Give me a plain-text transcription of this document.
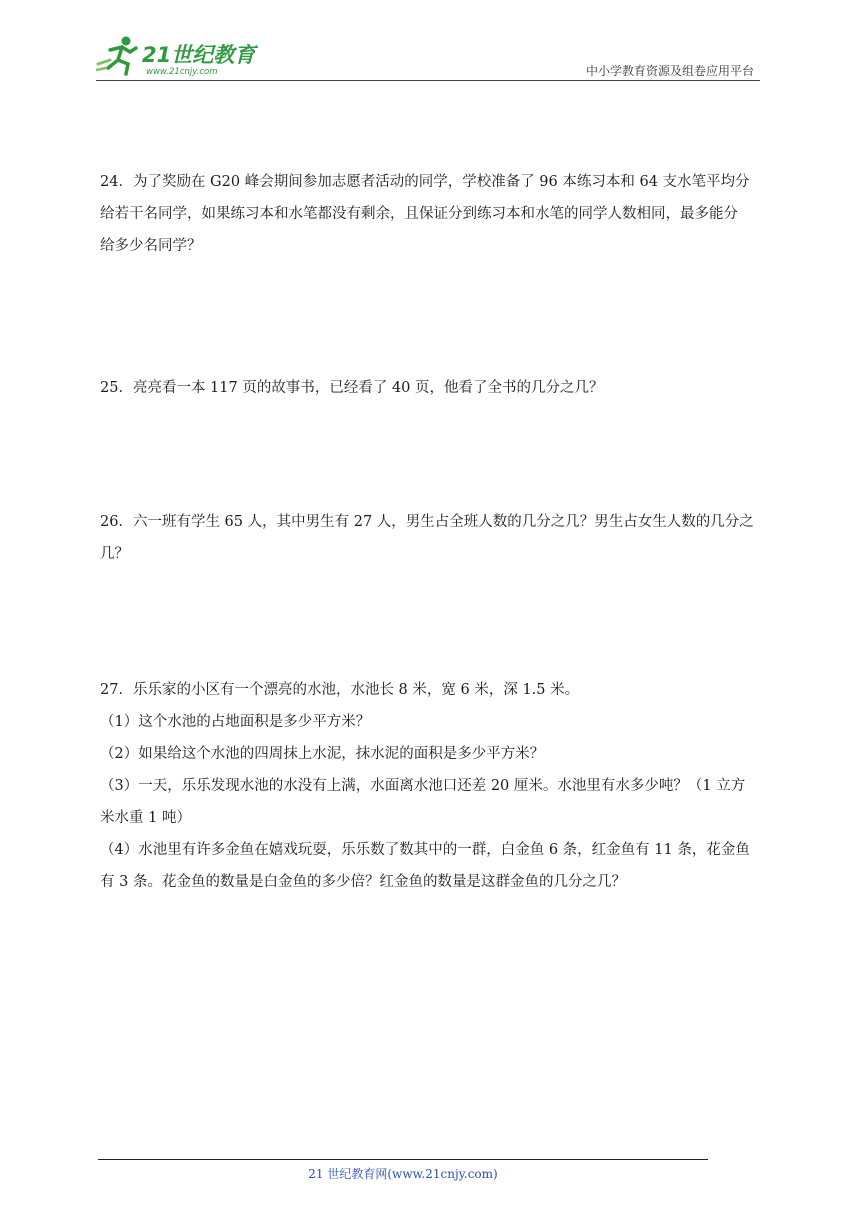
21世纪教育
www.21cnjy.com	中小学教育资源及组卷应用平台

24．为了奖励在 G20 峰会期间参加志愿者活动的同学，学校准备了 96 本练习本和 64 支水笔平均分

给若干名同学，如果练习本和水笔都没有剩余，且保证分到练习本和水笔的同学人数相同，最多能分

给多少名同学？

25．亮亮看一本 117 页的故事书，已经看了 40 页，他看了全书的几分之几？

26．六一班有学生 65 人，其中男生有 27 人，男生占全班人数的几分之几？男生占女生人数的几分之

几？

27．乐乐家的小区有一个漂亮的水池，水池长 8 米，宽 6 米，深 1.5 米。

（1）这个水池的占地面积是多少平方米？

（2）如果给这个水池的四周抹上水泥，抹水泥的面积是多少平方米？

（3）一天，乐乐发现水池的水没有上满，水面离水池口还差 20 厘米。水池里有水多少吨？（1 立方

米水重 1 吨）

（4）水池里有许多金鱼在嬉戏玩耍，乐乐数了数其中的一群，白金鱼 6 条，红金鱼有 11 条，花金鱼

有 3 条。花金鱼的数量是白金鱼的多少倍？红金鱼的数量是这群金鱼的几分之几？

21 世纪教育网(www.21cnjy.com)
